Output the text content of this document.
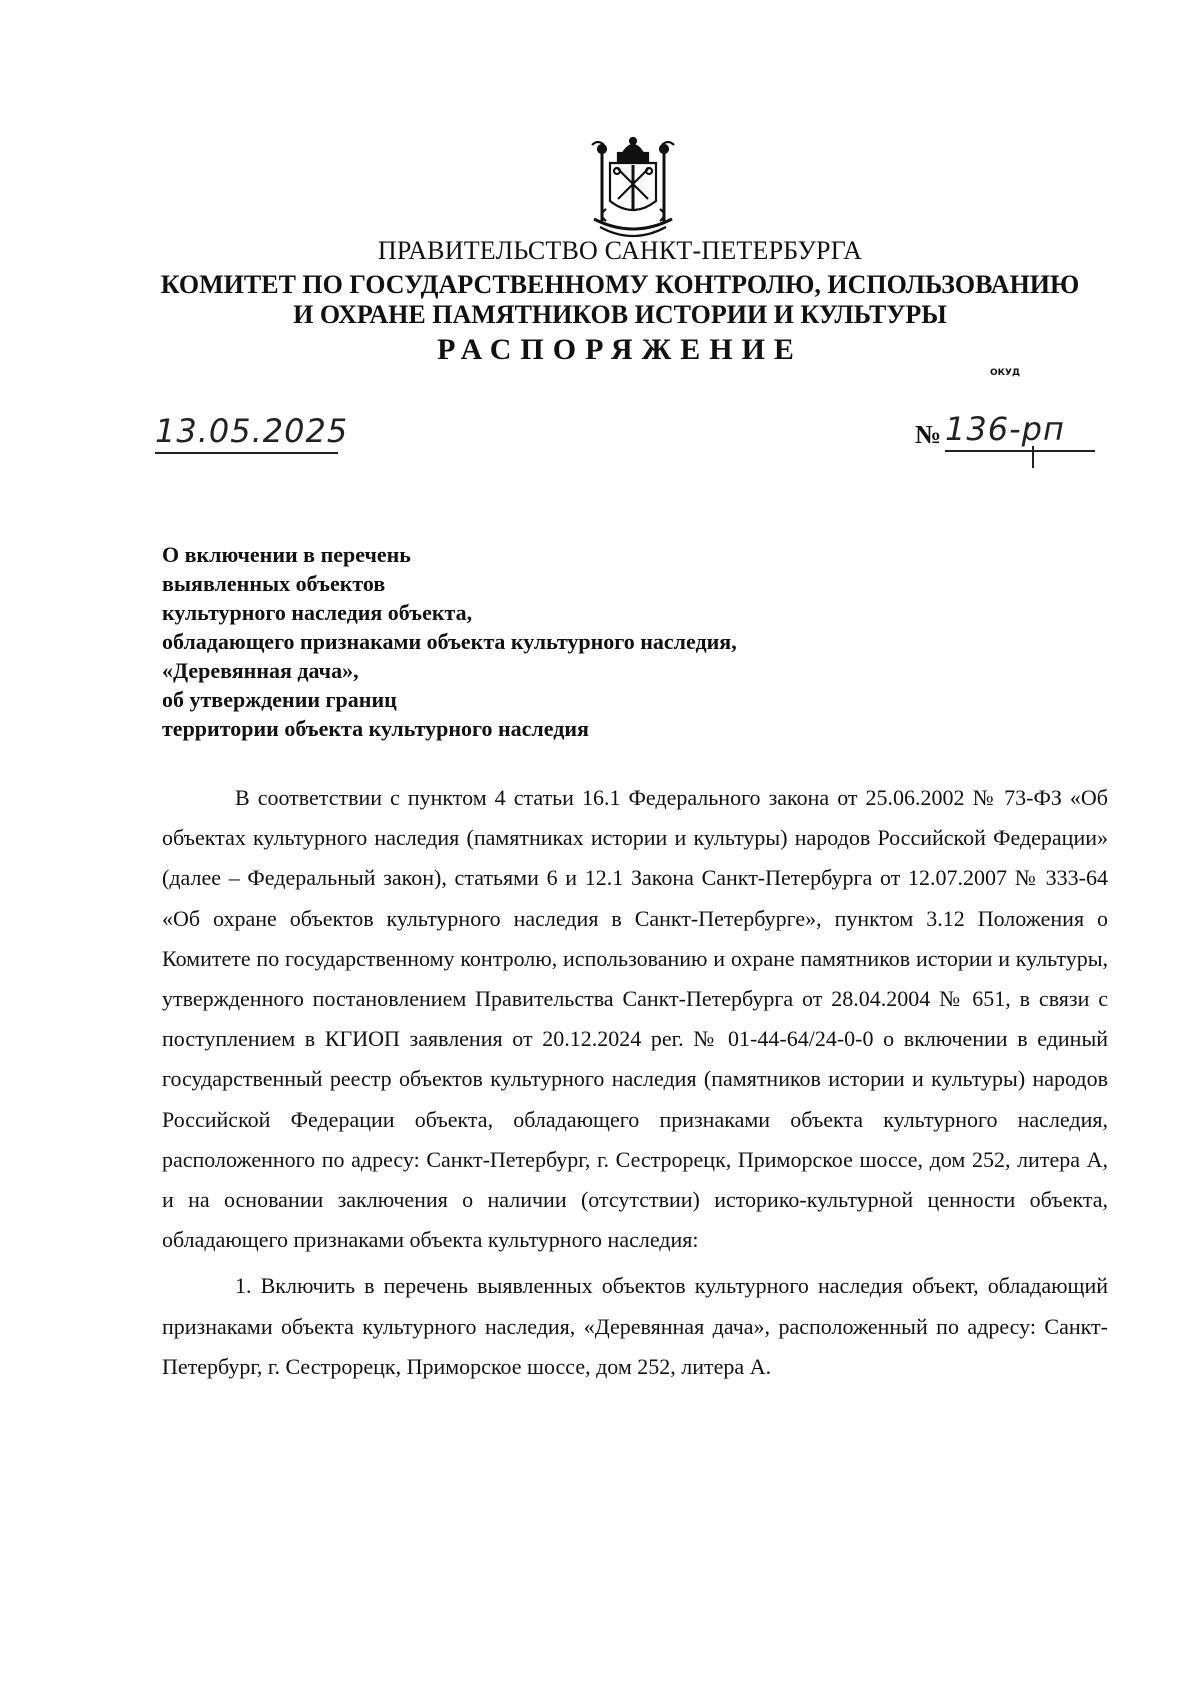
ПРАВИТЕЛЬСТВО САНКТ-ПЕТЕРБУРГА
КОМИТЕТ ПО ГОСУДАРСТВЕННОМУ КОНТРОЛЮ, ИСПОЛЬЗОВАНИЮ
И ОХРАНЕ ПАМЯТНИКОВ ИСТОРИИ И КУЛЬТУРЫ
РАСПОРЯЖЕНИЕ
ОКУД
13.05.2025	№ 136-рп
О включении в перечень
выявленных объектов
культурного наследия объекта,
обладающего признаками объекта культурного наследия,
«Деревянная дача»,
об утверждении границ
территории объекта культурного наследия

В соответствии с пунктом 4 статьи 16.1 Федерального закона от 25.06.2002 № 73-ФЗ «Об объектах культурного наследия (памятниках истории и культуры) народов Российской Федерации» (далее – Федеральный закон), статьями 6 и 12.1 Закона Санкт-Петербурга от 12.07.2007 № 333-64 «Об охране объектов культурного наследия в Санкт-Петербурге», пунктом 3.12 Положения о Комитете по государственному контролю, использованию и охране памятников истории и культуры, утвержденного постановлением Правительства Санкт-Петербурга от 28.04.2004 № 651, в связи с поступлением в КГИОП заявления от 20.12.2024 рег. № 01-44-64/24-0-0 о включении в единый государственный реестр объектов культурного наследия (памятников истории и культуры) народов Российской Федерации объекта, обладающего признаками объекта культурного наследия, расположенного по адресу: Санкт-Петербург, г. Сестрорецк, Приморское шоссе, дом 252, литера А, и на основании заключения о наличии (отсутствии) историко-культурной ценности объекта, обладающего признаками объекта культурного наследия:

1. Включить в перечень выявленных объектов культурного наследия объект, обладающий признаками объекта культурного наследия, «Деревянная дача», расположенный по адресу: Санкт-Петербург, г. Сестрорецк, Приморское шоссе, дом 252, литера А.
